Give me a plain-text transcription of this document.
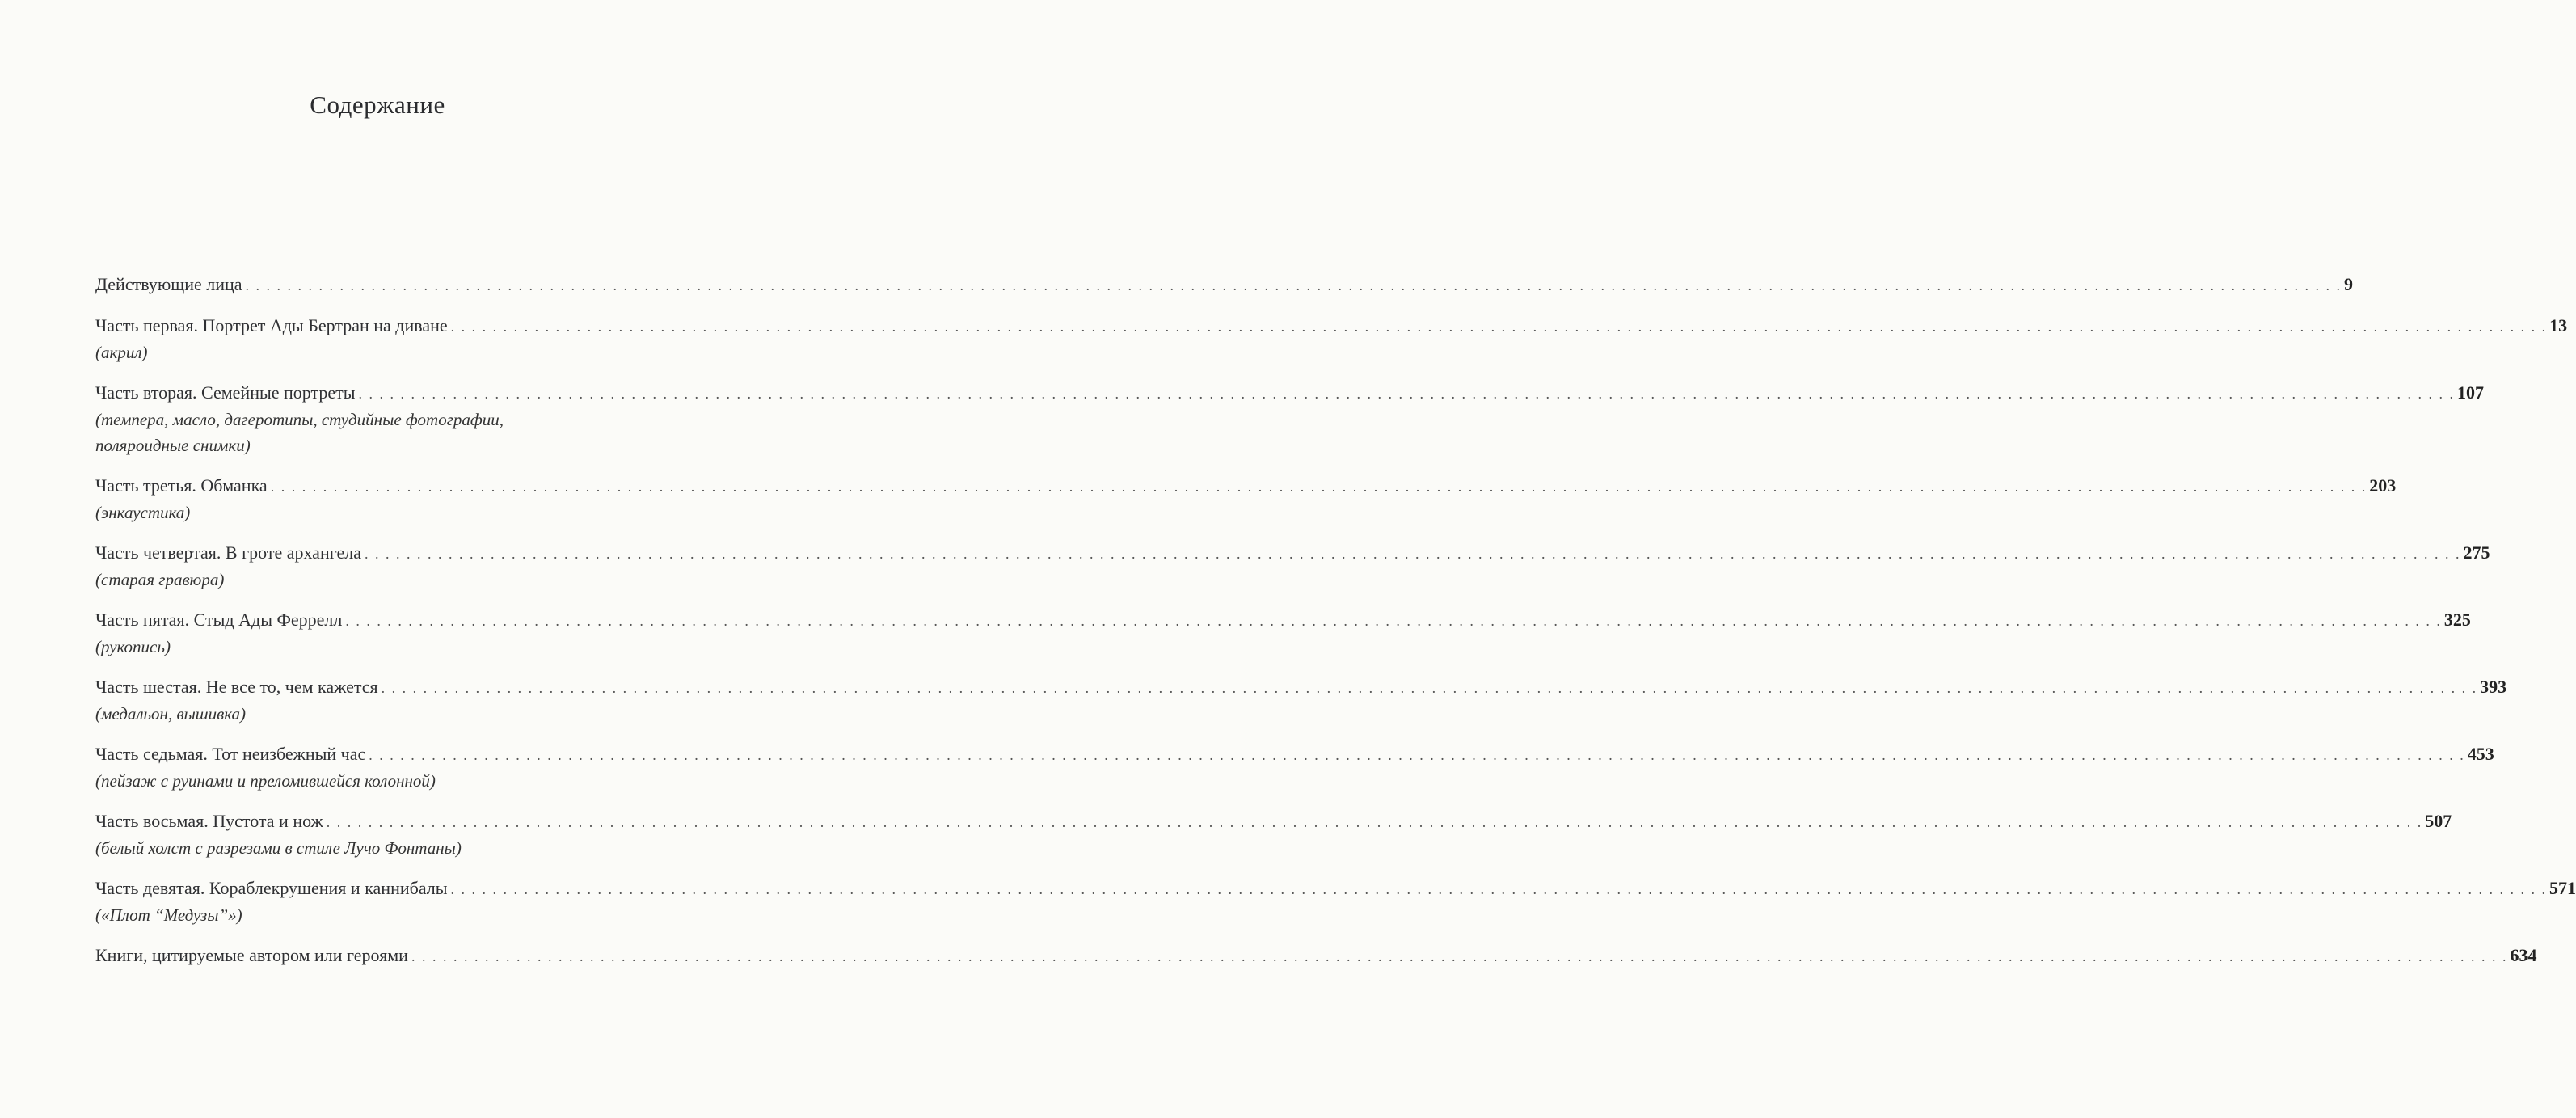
Содержание
Действующие лица . . . . . . . . . . . . . . . . . . . . . . . . . . . . . . . . . . . . . . . . . . . . . . . . . . . . . . . . . . . . . . . . . . . . . . . . . . . . . . . . . . . . . . . . . . . . . . . . . . . . . . . . . . . . . . . . . . . . . . . . . . . . . . . . . . . . . . . . . . . . . . . . . . . . . . . . . . . . . . . . . . . . . . . . . . . . . . . . . . . . . . . . . . . . . . . . . . . . . . . . 9
Часть первая. Портрет Ады Бертран на диване . . . . . . . . . . . . . . . . . . . . . . . . . . . . . . . . . . . . . . . . . . . . . . . . . . . . . . . . . . . . . . . . . . . . . . . . . . . . . . . . . . . . . . . . . . . . . . . . . . . . . . . . . . . . . . . . . . . . . . . . . . . . . . . . . . . . . . . . . . . . . . . . . . . . . . . . . . . . . . . . . . . . . . . . . . . . . . . . . . . . . . . . . . . . . . . . . . . . . . . . 13
(акрил)
Часть вторая. Семейные портреты . . . . . . . . . . . . . . . . . . . . . . . . . . . . . . . . . . . . . . . . . . . . . . . . . . . . . . . . . . . . . . . . . . . . . . . . . . . . . . . . . . . . . . . . . . . . . . . . . . . . . . . . . . . . . . . . . . . . . . . . . . . . . . . . . . . . . . . . . . . . . . . . . . . . . . . . . . . . . . . . . . . . . . . . . . . . . . . . . . . . . . . . . . . . . . . . . . . . . . . . 107
(темпера, масло, дагеротипы, студийные фотографии, поляроидные снимки)
Часть третья. Обманка . . . . . . . . . . . . . . . . . . . . . . . . . . . . . . . . . . . . . . . . . . . . . . . . . . . . . . . . . . . . . . . . . . . . . . . . . . . . . . . . . . . . . . . . . . . . . . . . . . . . . . . . . . . . . . . . . . . . . . . . . . . . . . . . . . . . . . . . . . . . . . . . . . . . . . . . . . . . . . . . . . . . . . . . . . . . . . . . . . . . . . . . . . . . . . . . . . . . . . . . 203
(энкаустика)
Часть четвертая. В гроте архангела . . . . . . . . . . . . . . . . . . . . . . . . . . . . . . . . . . . . . . . . . . . . . . . . . . . . . . . . . . . . . . . . . . . . . . . . . . . . . . . . . . . . . . . . . . . . . . . . . . . . . . . . . . . . . . . . . . . . . . . . . . . . . . . . . . . . . . . . . . . . . . . . . . . . . . . . . . . . . . . . . . . . . . . . . . . . . . . . . . . . . . . . . . . . . . . . . . . . . . . . 275
(старая гравюра)
Часть пятая. Стыд Ады Феррелл . . . . . . . . . . . . . . . . . . . . . . . . . . . . . . . . . . . . . . . . . . . . . . . . . . . . . . . . . . . . . . . . . . . . . . . . . . . . . . . . . . . . . . . . . . . . . . . . . . . . . . . . . . . . . . . . . . . . . . . . . . . . . . . . . . . . . . . . . . . . . . . . . . . . . . . . . . . . . . . . . . . . . . . . . . . . . . . . . . . . . . . . . . . . . . . . . . . . . . . . 325
(рукопись)
Часть шестая. Не все то, чем кажется . . . . . . . . . . . . . . . . . . . . . . . . . . . . . . . . . . . . . . . . . . . . . . . . . . . . . . . . . . . . . . . . . . . . . . . . . . . . . . . . . . . . . . . . . . . . . . . . . . . . . . . . . . . . . . . . . . . . . . . . . . . . . . . . . . . . . . . . . . . . . . . . . . . . . . . . . . . . . . . . . . . . . . . . . . . . . . . . . . . . . . . . . . . . . . . . . . . . . . . . 393
(медальон, вышивка)
Часть седьмая. Тот неизбежный час . . . . . . . . . . . . . . . . . . . . . . . . . . . . . . . . . . . . . . . . . . . . . . . . . . . . . . . . . . . . . . . . . . . . . . . . . . . . . . . . . . . . . . . . . . . . . . . . . . . . . . . . . . . . . . . . . . . . . . . . . . . . . . . . . . . . . . . . . . . . . . . . . . . . . . . . . . . . . . . . . . . . . . . . . . . . . . . . . . . . . . . . . . . . . . . . . . . . . . . . 453
(пейзаж с руинами и преломившейся колонной)
Часть восьмая. Пустота и нож . . . . . . . . . . . . . . . . . . . . . . . . . . . . . . . . . . . . . . . . . . . . . . . . . . . . . . . . . . . . . . . . . . . . . . . . . . . . . . . . . . . . . . . . . . . . . . . . . . . . . . . . . . . . . . . . . . . . . . . . . . . . . . . . . . . . . . . . . . . . . . . . . . . . . . . . . . . . . . . . . . . . . . . . . . . . . . . . . . . . . . . . . . . . . . . . . . . . . . . . 507
(белый холст с разрезами в стиле Лучо Фонтаны)
Часть девятая. Кораблекрушения и каннибалы . . . . . . . . . . . . . . . . . . . . . . . . . . . . . . . . . . . . . . . . . . . . . . . . . . . . . . . . . . . . . . . . . . . . . . . . . . . . . . . . . . . . . . . . . . . . . . . . . . . . . . . . . . . . . . . . . . . . . . . . . . . . . . . . . . . . . . . . . . . . . . . . . . . . . . . . . . . . . . . . . . . . . . . . . . . . . . . . . . . . . . . . . . . . . . . . . . . . . . . . 571
(«Плот “Медузы”»)
Книги, цитируемые автором или героями . . . . . . . . . . . . . . . . . . . . . . . . . . . . . . . . . . . . . . . . . . . . . . . . . . . . . . . . . . . . . . . . . . . . . . . . . . . . . . . . . . . . . . . . . . . . . . . . . . . . . . . . . . . . . . . . . . . . . . . . . . . . . . . . . . . . . . . . . . . . . . . . . . . . . . . . . . . . . . . . . . . . . . . . . . . . . . . . . . . . . . . . . . . . . . . . . . . . . . . . 634
